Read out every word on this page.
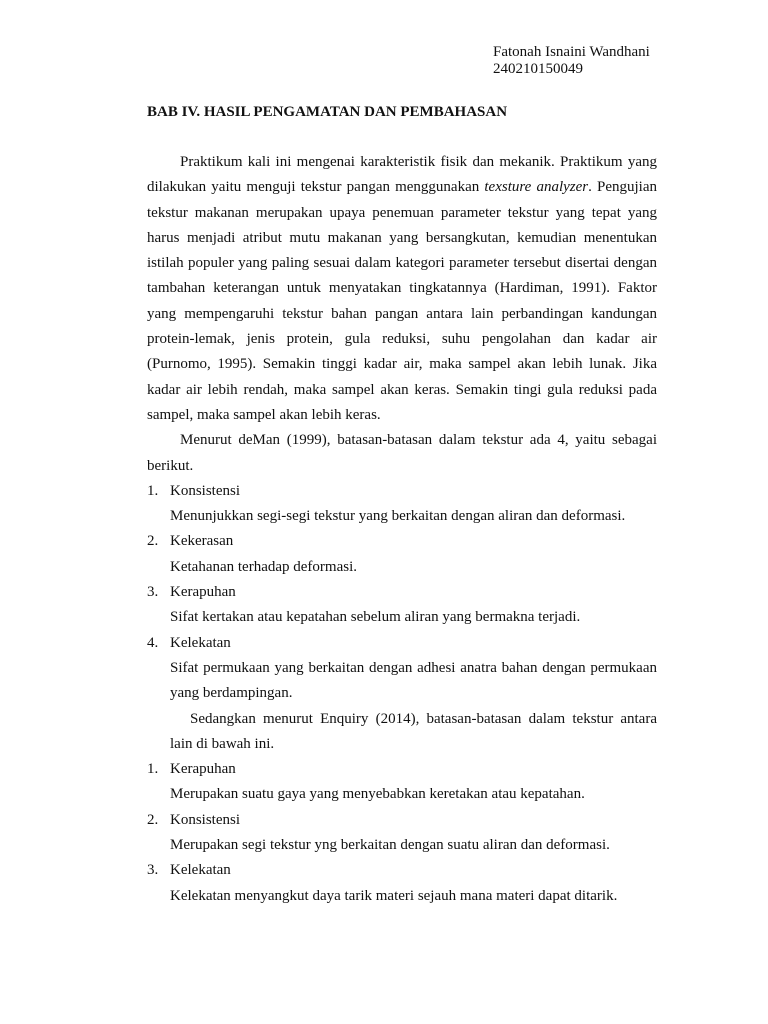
Fatonah Isnaini Wandhani
240210150049
BAB IV. HASIL PENGAMATAN DAN PEMBAHASAN
Praktikum kali ini mengenai karakteristik fisik dan mekanik. Praktikum yang
dilakukan yaitu menguji tekstur pangan menggunakan texsture analyzer. Pengujian
tekstur makanan merupakan upaya penemuan parameter tekstur yang tepat yang
harus menjadi atribut mutu makanan yang bersangkutan, kemudian menentukan
istilah populer yang paling sesuai dalam kategori parameter tersebut disertai dengan
tambahan keterangan untuk menyatakan tingkatannya (Hardiman, 1991). Faktor
yang mempengaruhi tekstur bahan pangan antara lain perbandingan kandungan
protein-lemak, jenis protein, gula reduksi, suhu pengolahan dan kadar air
(Purnomo, 1995). Semakin tinggi kadar air, maka sampel akan lebih lunak. Jika
kadar air lebih rendah, maka sampel akan keras. Semakin tingi gula reduksi pada
sampel, maka sampel akan lebih keras.
Menurut deMan (1999), batasan-batasan dalam tekstur ada 4, yaitu sebagai
berikut.
1. Konsistensi
Menunjukkan segi-segi tekstur yang berkaitan dengan aliran dan deformasi.
2. Kekerasan
Ketahanan terhadap deformasi.
3. Kerapuhan
Sifat kertakan atau kepatahan sebelum aliran yang bermakna terjadi.
4. Kelekatan
Sifat permukaan yang berkaitan dengan adhesi anatra bahan dengan permukaan
yang berdampingan.
Sedangkan menurut Enquiry (2014), batasan-batasan dalam tekstur antara
lain di bawah ini.
1. Kerapuhan
Merupakan suatu gaya yang menyebabkan keretakan atau kepatahan.
2. Konsistensi
Merupakan segi tekstur yng berkaitan dengan suatu aliran dan deformasi.
3. Kelekatan
Kelekatan menyangkut daya tarik materi sejauh mana materi dapat ditarik.
